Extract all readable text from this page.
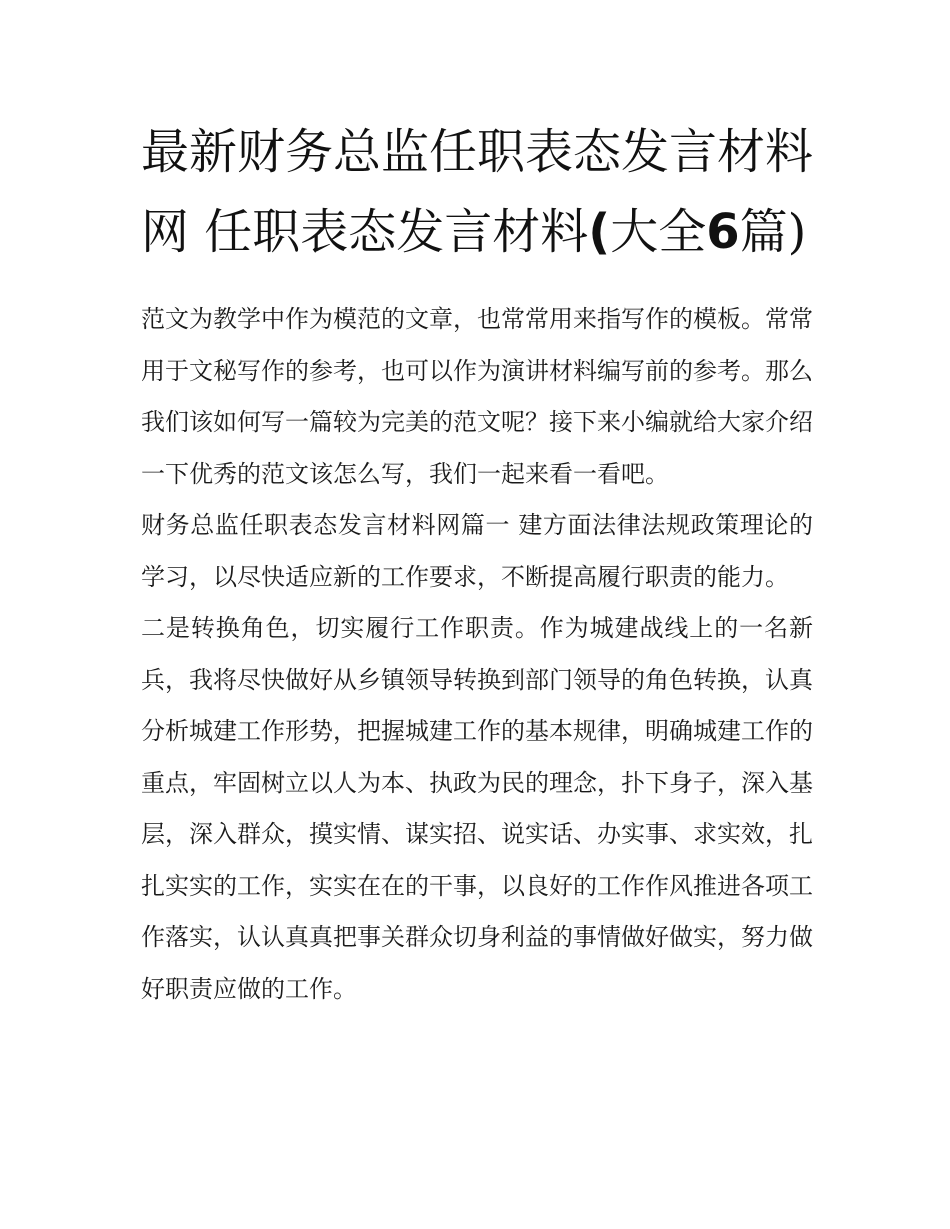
最新财务总监任职表态发言材料网 任职表态发言材料(大全6篇)

范文为教学中作为模范的文章，也常常用来指写作的模板。常常用于文秘写作的参考，也可以作为演讲材料编写前的参考。那么我们该如何写一篇较为完美的范文呢？接下来小编就给大家介绍一下优秀的范文该怎么写，我们一起来看一看吧。

财务总监任职表态发言材料网篇一 建方面法律法规政策理论的学习，以尽快适应新的工作要求，不断提高履行职责的能力。

二是转换角色，切实履行工作职责。作为城建战线上的一名新兵，我将尽快做好从乡镇领导转换到部门领导的角色转换，认真分析城建工作形势，把握城建工作的基本规律，明确城建工作的重点，牢固树立以人为本、执政为民的理念，扑下身子，深入基层，深入群众，摸实情、谋实招、说实话、办实事、求实效，扎扎实实的工作，实实在在的干事，以良好的工作作风推进各项工作落实，认认真真把事关群众切身利益的事情做好做实，努力做好职责应做的工作。
